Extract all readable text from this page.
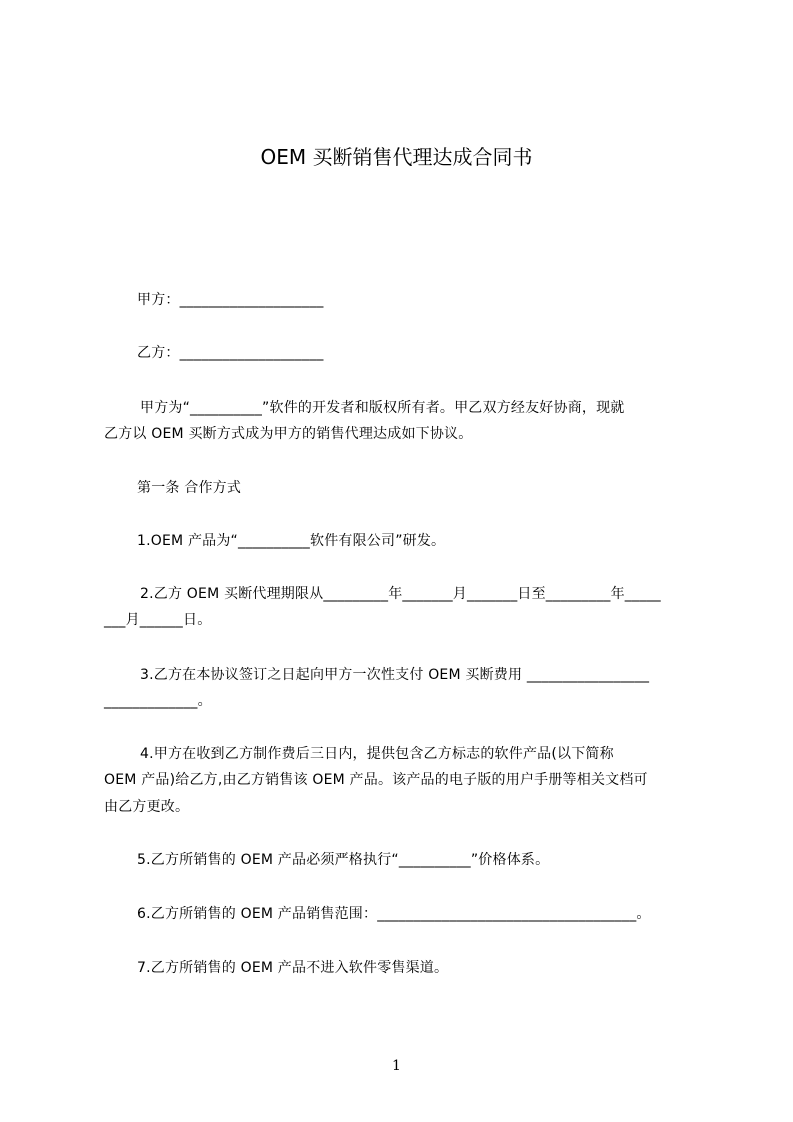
OEM 买断销售代理达成合同书

甲方：____________________

乙方：____________________

甲方为“__________”软件的开发者和版权所有者。甲乙双方经友好协商，现就

乙方以 OEM 买断方式成为甲方的销售代理达成如下协议。

第一条 合作方式

1.OEM 产品为“__________软件有限公司”研发。

2.乙方 OEM 买断代理期限从_________年_______月_______日至_________年_____

___月______日。

3.乙方在本协议签订之日起向甲方一次性支付 OEM 买断费用 _________________

_____________。

4.甲方在收到乙方制作费后三日内，提供包含乙方标志的软件产品(以下简称

OEM 产品)给乙方,由乙方销售该 OEM 产品。该产品的电子版的用户手册等相关文档可

由乙方更改。

5.乙方所销售的 OEM 产品必须严格执行“__________”价格体系。

6.乙方所销售的 OEM 产品销售范围：____________________________________。

7.乙方所销售的 OEM 产品不进入软件零售渠道。

1
